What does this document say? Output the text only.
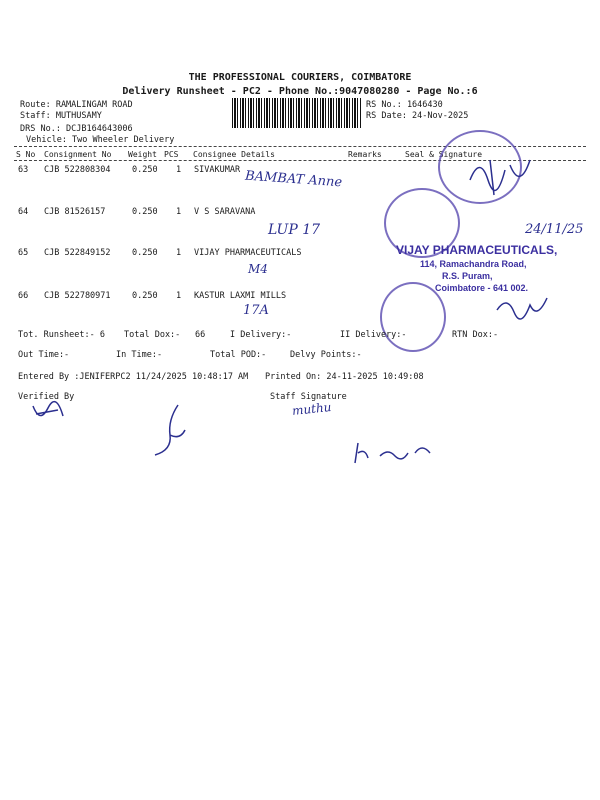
THE PROFESSIONAL COURIERS, COIMBATORE
Delivery Runsheet - PC2 - Phone No.:9047080280 - Page No.:6
Route: RAMALINGAM ROAD
Staff: MUTHUSAMY
DRS No.: DCJB164643006
Vehicle: Two Wheeler Delivery
RS No.: 1646430
RS Date: 24-Nov-2025
S No Consignment No Weight PCS Consignee Details	Remarks	Seal & Signature
63 CJB 522808304	0.250 1 SIVAKUMAR
64 CJB 81526157	0.250 1 V S SARAVANA
65 CJB 522849152	0.250 1 VIJAY PHARMACEUTICALS
66 CJB 522780971	0.250 1 KASTUR LAXMI MILLS
BAMBAT Anne
LUP 17
M4
17A
24/11/25
VIJAY PHARMACEUTICALS,
114, Ramachandra Road,
R.S. Puram,
Coimbatore - 641 002.
Tot. Runsheet:- 6 Total Dox:- 66	I Delivery:-	II Delivery:-	RTN Dox:-
Out Time:-	In Time:-	Total POD:-	Delvy Points:-
Entered By :JENIFERPC2 11/24/2025 10:48:17 AM Printed On: 24-11-2025 10:49:08
Verified By	Staff Signature
muthu
